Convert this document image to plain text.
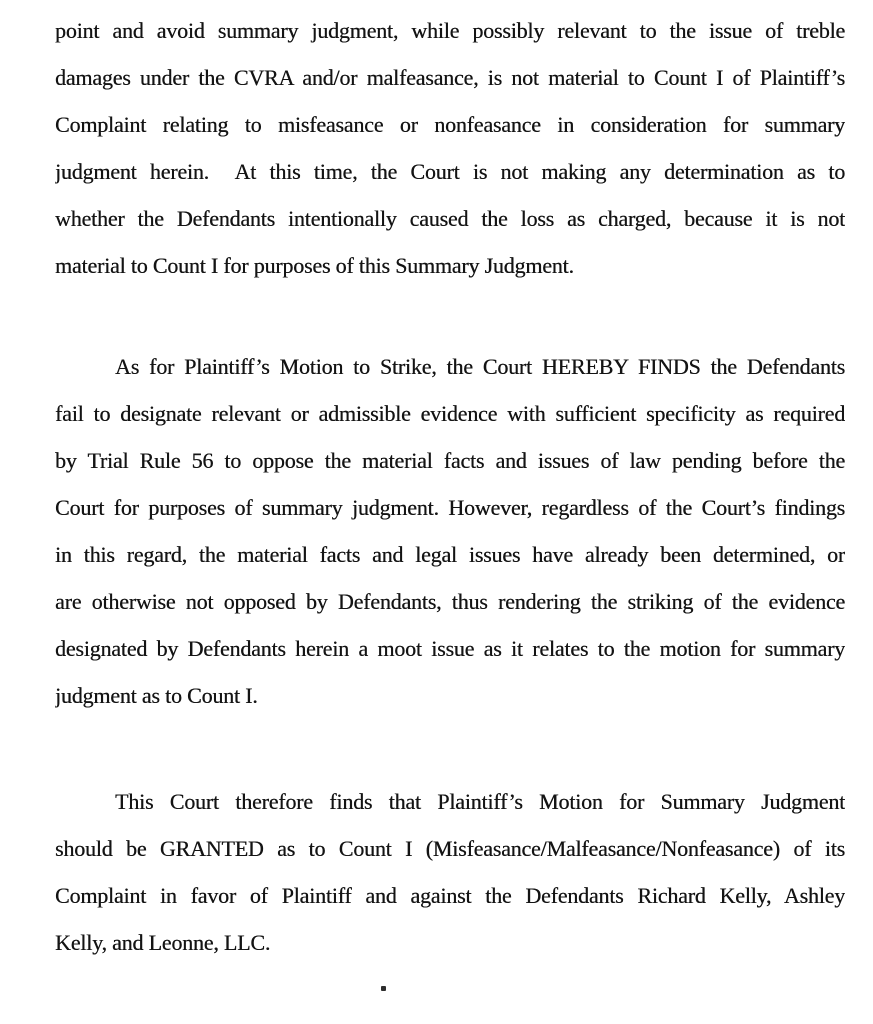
point and avoid summary judgment, while possibly relevant to the issue of treble
damages under the CVRA and/or malfeasance, is not material to Count I of Plaintiff’s
Complaint relating to misfeasance or nonfeasance in consideration for summary
judgment herein.  At this time, the Court is not making any determination as to
whether the Defendants intentionally caused the loss as charged, because it is not
material to Count I for purposes of this Summary Judgment.
As for Plaintiff’s Motion to Strike, the Court HEREBY FINDS the Defendants
fail to designate relevant or admissible evidence with sufficient specificity as required
by Trial Rule 56 to oppose the material facts and issues of law pending before the
Court for purposes of summary judgment. However, regardless of the Court’s findings
in this regard, the material facts and legal issues have already been determined, or
are otherwise not opposed by Defendants, thus rendering the striking of the evidence
designated by Defendants herein a moot issue as it relates to the motion for summary
judgment as to Count I.
This Court therefore finds that Plaintiff’s Motion for Summary Judgment
should be GRANTED as to Count I (Misfeasance/Malfeasance/Nonfeasance) of its
Complaint in favor of Plaintiff and against the Defendants Richard Kelly, Ashley
Kelly, and Leonne, LLC.
